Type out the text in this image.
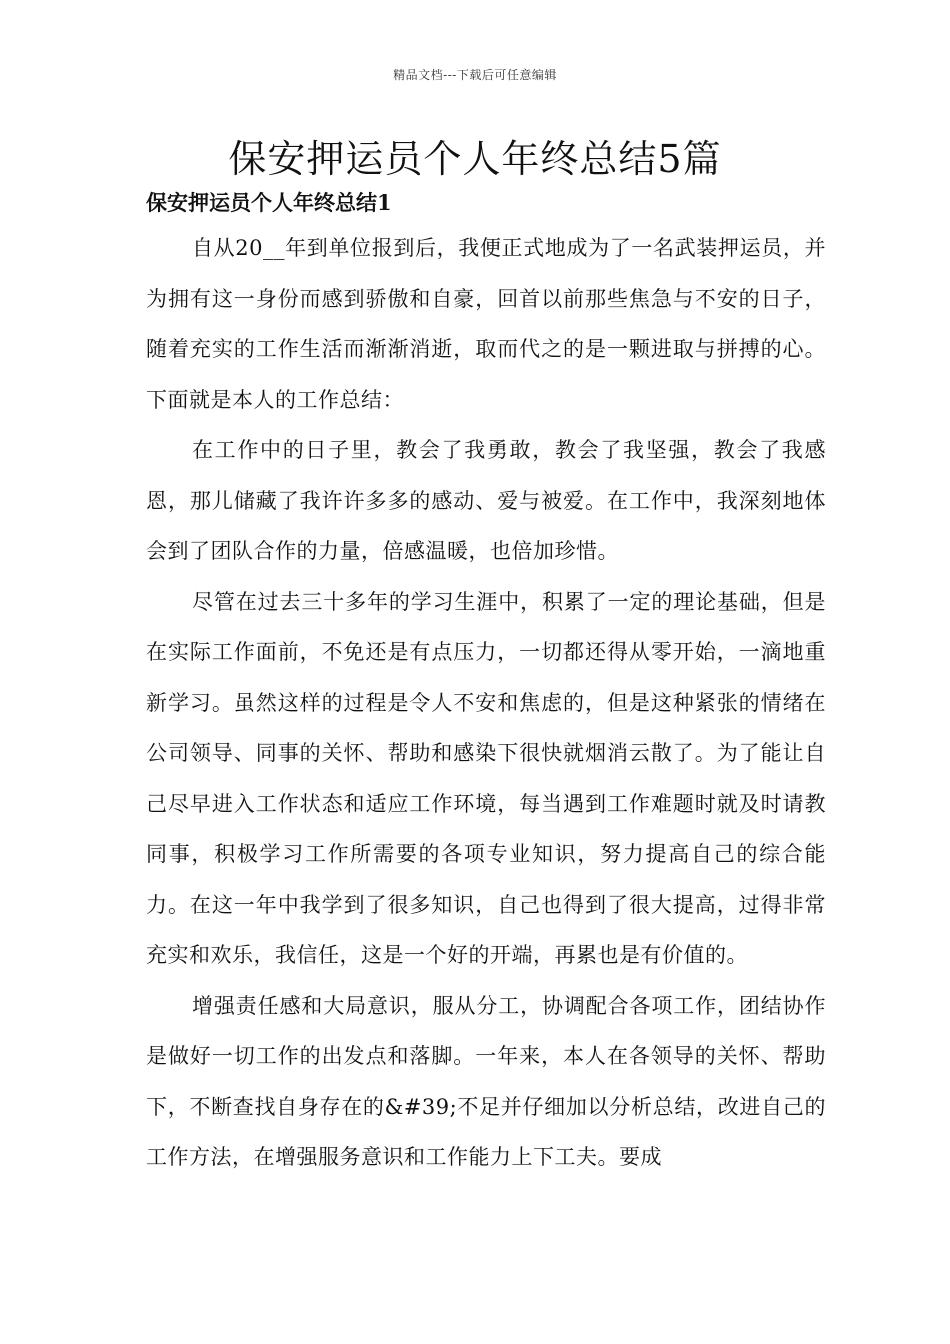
精品文档---下载后可任意编辑
保安押运员个人年终总结5篇
保安押运员个人年终总结1

自从20__年到单位报到后，我便正式地成为了一名武装押运员，并为拥有这一身份而感到骄傲和自豪，回首以前那些焦急与不安的日子，随着充实的工作生活而渐渐消逝，取而代之的是一颗进取与拼搏的心。下面就是本人的工作总结：

在工作中的日子里，教会了我勇敢，教会了我坚强，教会了我感恩，那儿储藏了我许许多多的感动、爱与被爱。在工作中，我深刻地体会到了团队合作的力量，倍感温暖，也倍加珍惜。

尽管在过去三十多年的学习生涯中，积累了一定的理论基础，但是在实际工作面前，不免还是有点压力，一切都还得从零开始，一滴地重新学习。虽然这样的过程是令人不安和焦虑的，但是这种紧张的情绪在公司领导、同事的关怀、帮助和感染下很快就烟消云散了。为了能让自己尽早进入工作状态和适应工作环境，每当遇到工作难题时就及时请教同事，积极学习工作所需要的各项专业知识，努力提高自己的综合能力。在这一年中我学到了很多知识，自己也得到了很大提高，过得非常充实和欢乐，我信任，这是一个好的开端，再累也是有价值的。

增强责任感和大局意识，服从分工，协调配合各项工作，团结协作是做好一切工作的出发点和落脚。一年来，本人在各领导的关怀、帮助下，不断查找自身存在的&#39;不足并仔细加以分析总结，改进自己的工作方法，在增强服务意识和工作能力上下工夫。要成
